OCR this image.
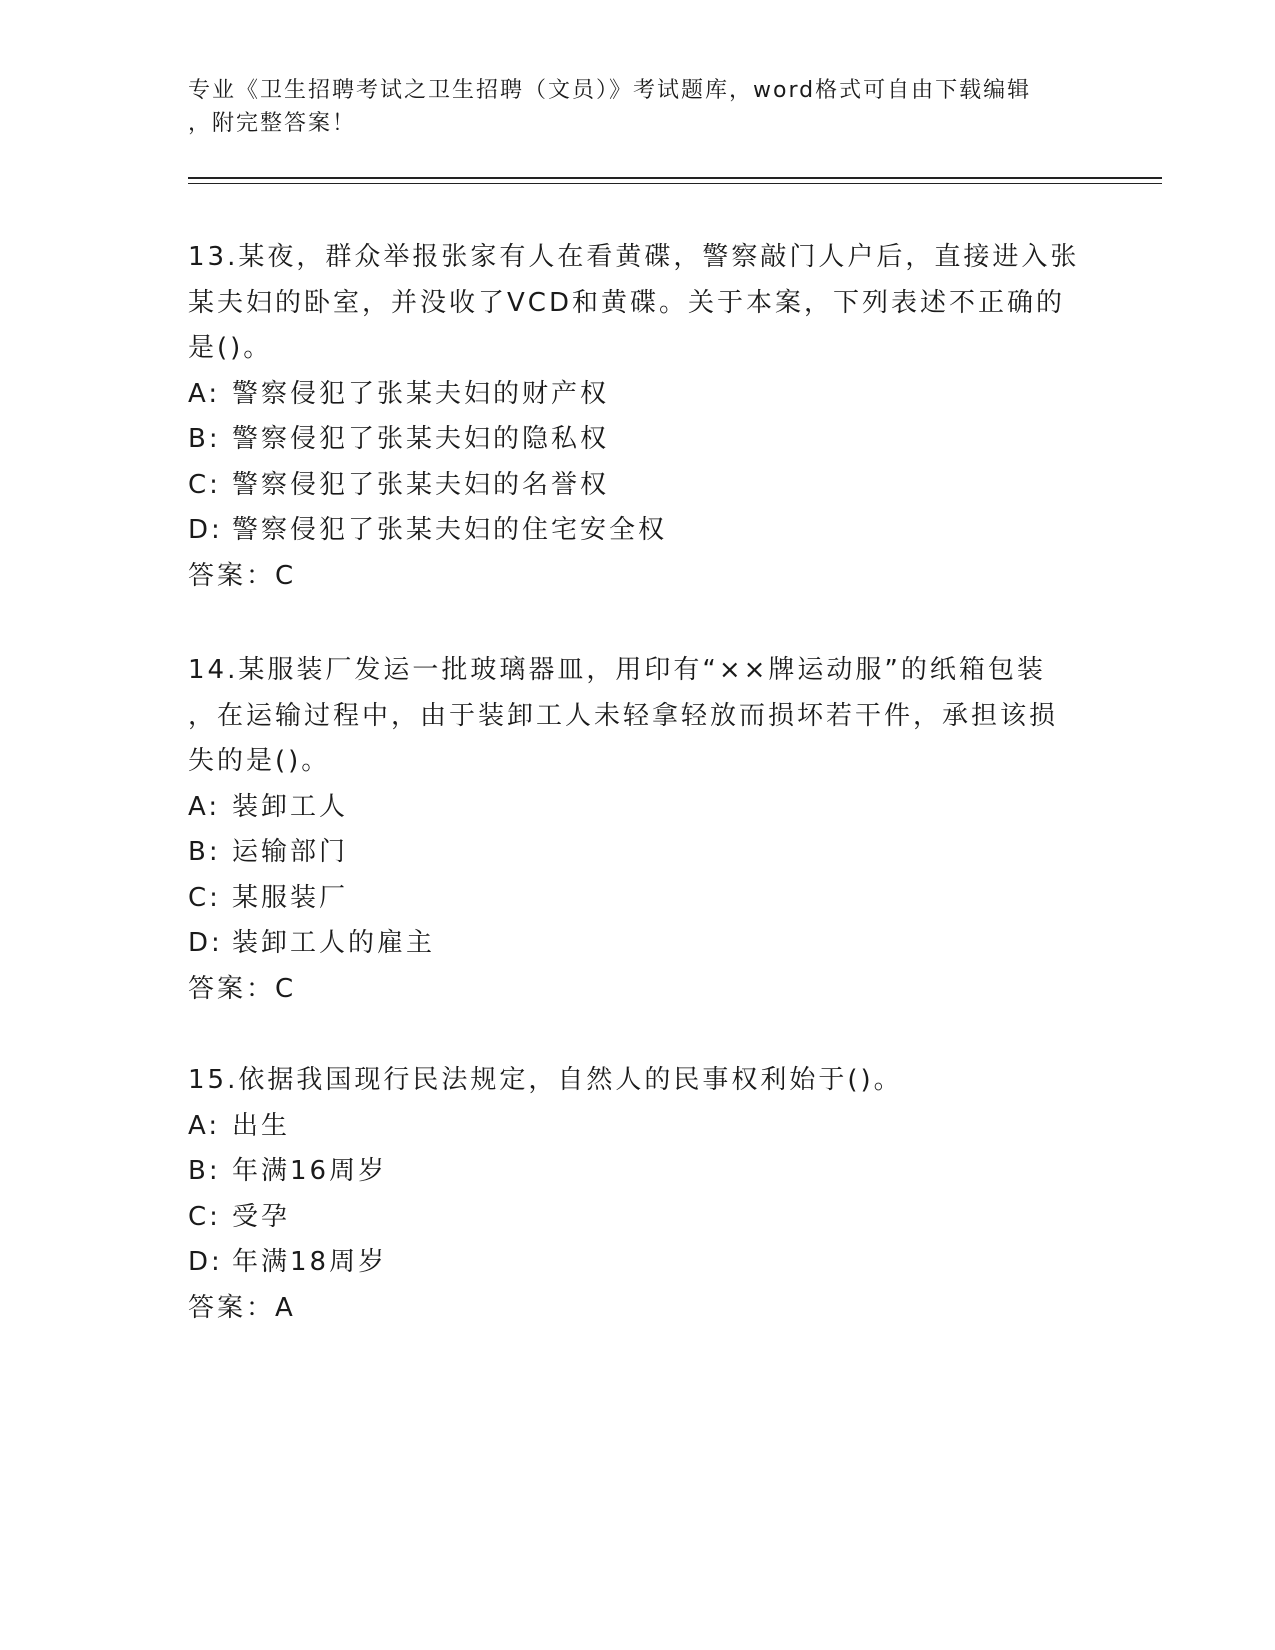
专业《卫生招聘考试之卫生招聘（文员）》考试题库，word格式可自由下载编辑
，附完整答案！

13.某夜，群众举报张家有人在看黄碟，警察敲门人户后，直接进入张

某夫妇的卧室，并没收了VCD和黄碟。关于本案，下列表述不正确的

是()。

A: 警察侵犯了张某夫妇的财产权

B: 警察侵犯了张某夫妇的隐私权

C: 警察侵犯了张某夫妇的名誉权

D: 警察侵犯了张某夫妇的住宅安全权

答案：C

14.某服装厂发运一批玻璃器皿，用印有“××牌运动服”的纸箱包装

，在运输过程中，由于装卸工人未轻拿轻放而损坏若干件，承担该损

失的是()。

A: 装卸工人

B: 运输部门

C: 某服装厂

D: 装卸工人的雇主

答案：C

15.依据我国现行民法规定，自然人的民事权利始于()。

A: 出生

B: 年满16周岁

C: 受孕

D: 年满18周岁

答案：A
